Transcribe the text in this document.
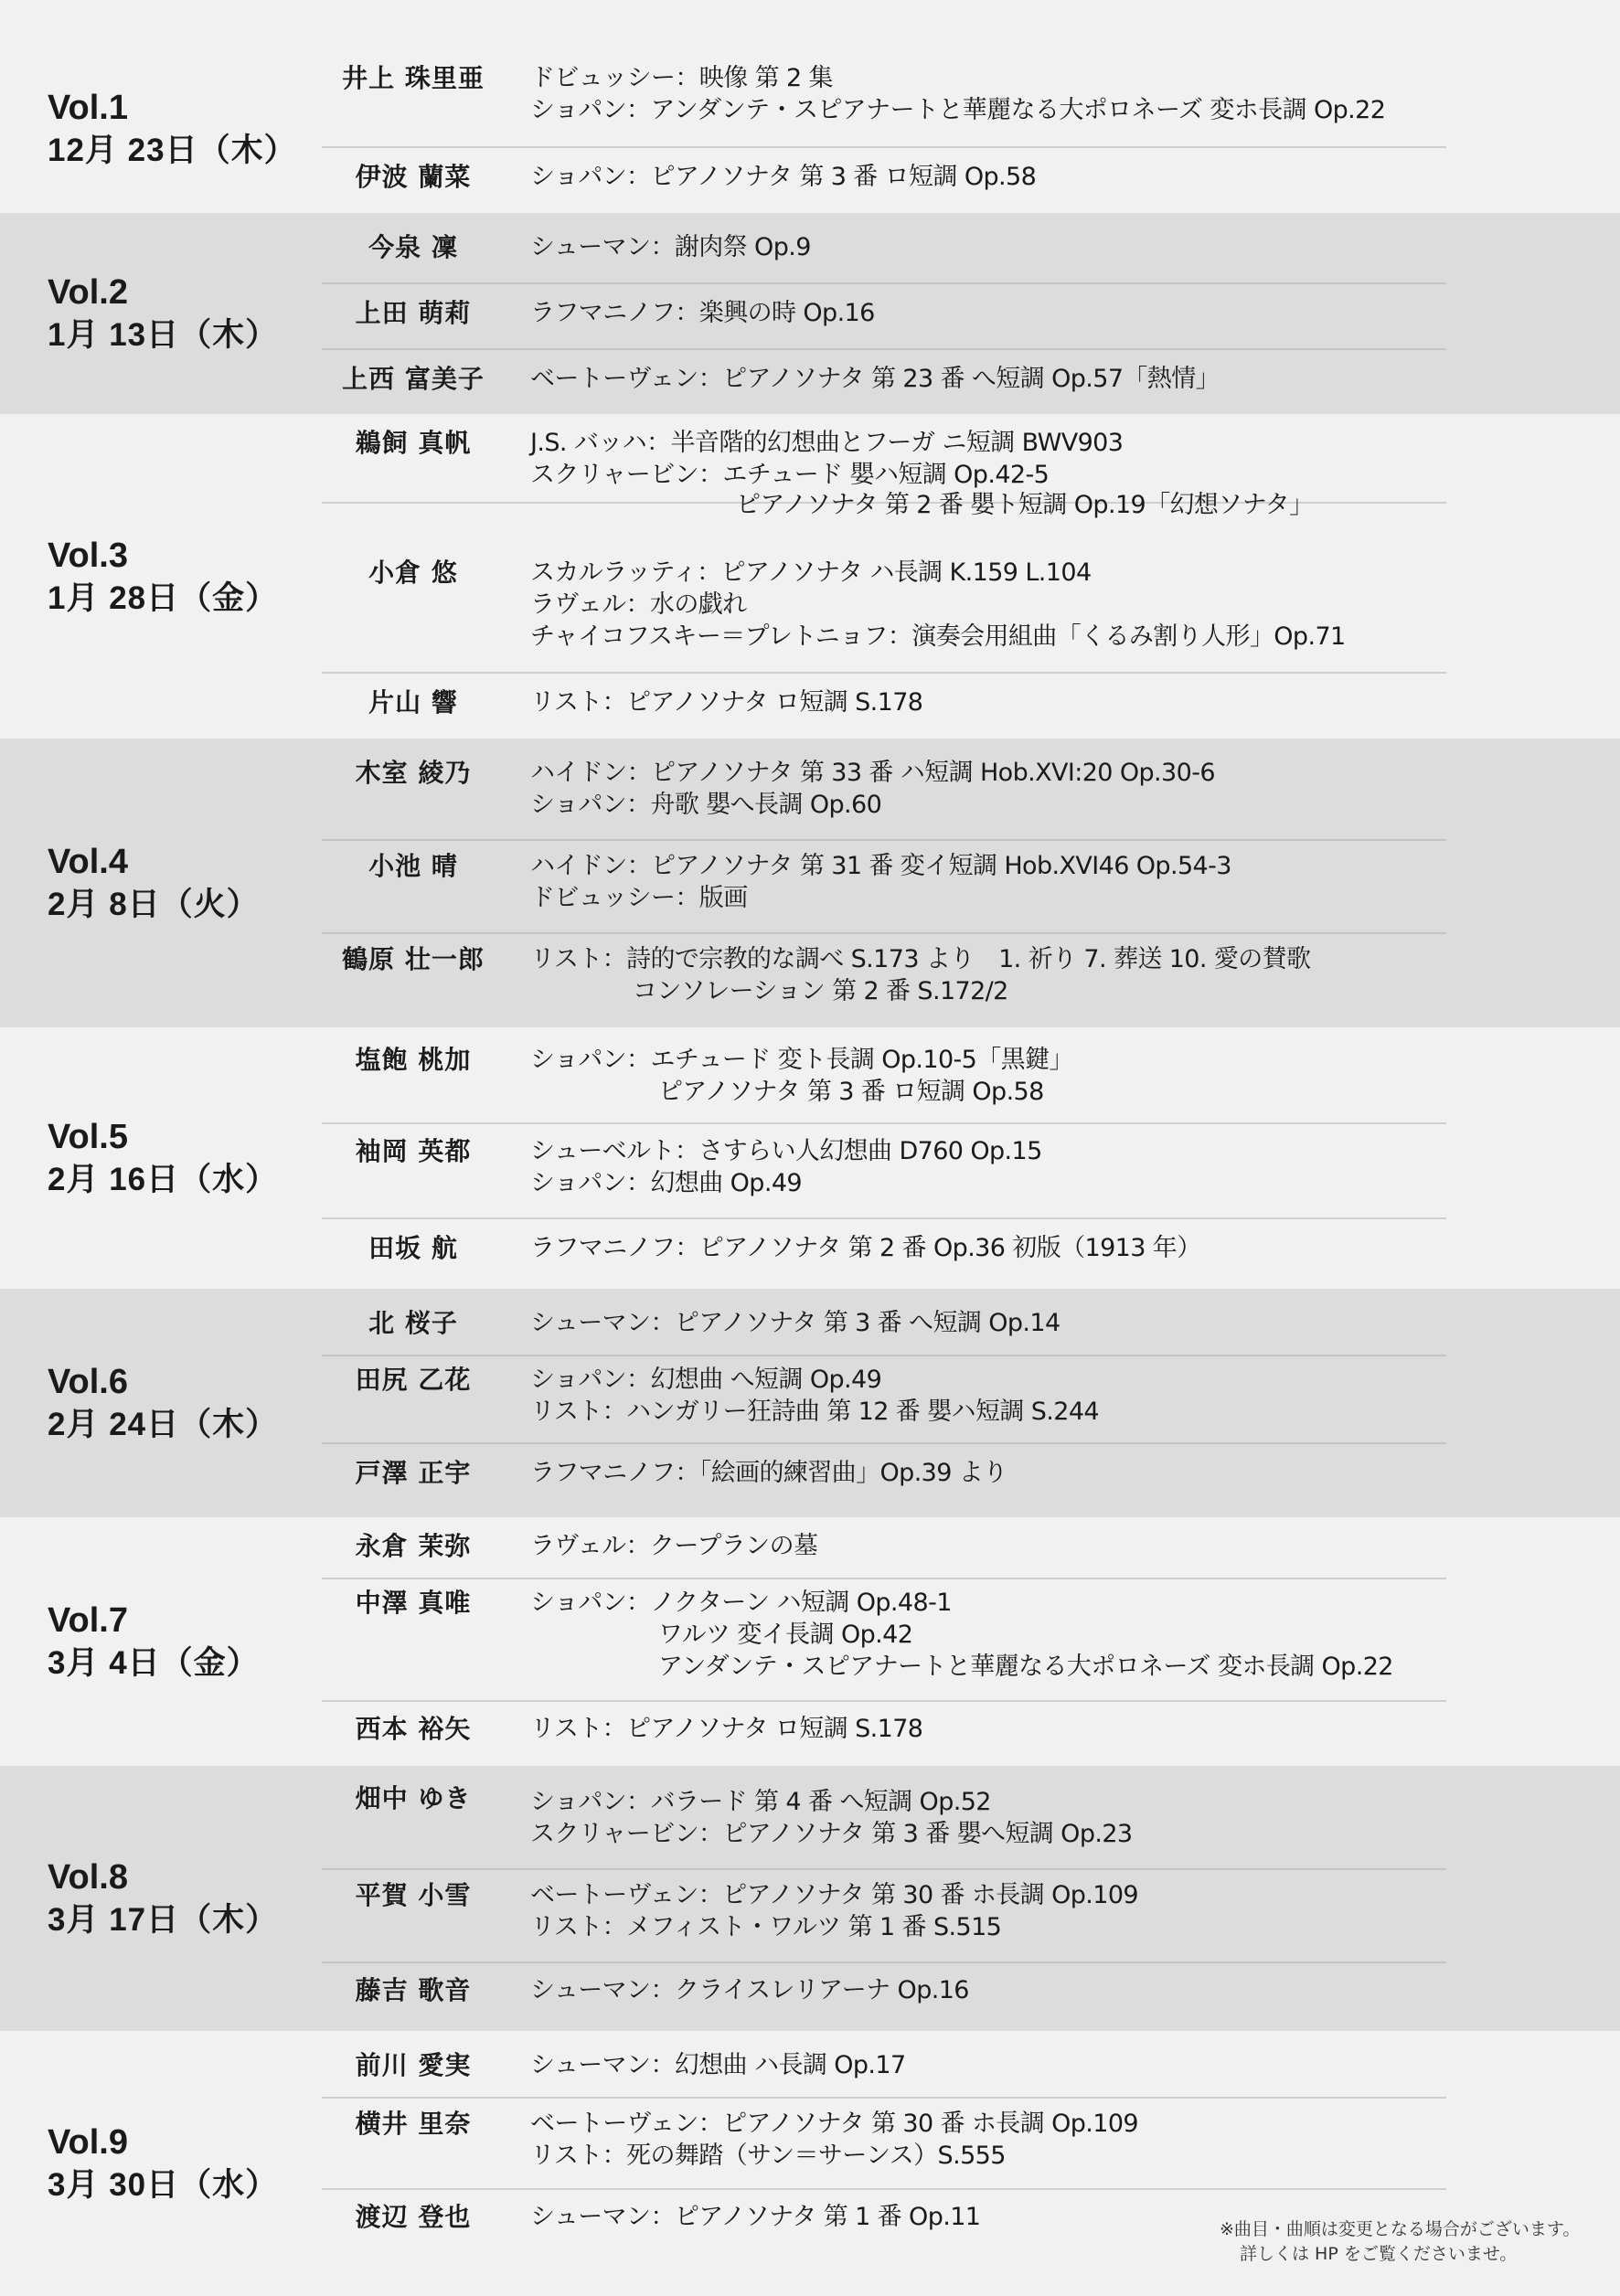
Vol.1
12月 23日（木）
井上 珠里亜	ドビュッシー：映像 第 2 集
ショパン：アンダンテ・スピアナートと華麗なる大ポロネーズ 変ホ長調 Op.22
伊波 蘭菜	ショパン：ピアノソナタ 第 3 番 ロ短調 Op.58
Vol.2
1月 13日（木）
今泉 凜	シューマン：謝肉祭 Op.9
上田 萌莉	ラフマニノフ：楽興の時 Op.16
上西 富美子	ベートーヴェン：ピアノソナタ 第 23 番 へ短調 Op.57「熱情」
Vol.3
1月 28日（金）
鵜飼 真帆	J.S. バッハ：半音階的幻想曲とフーガ ニ短調 BWV903
スクリャービン：エチュード 嬰ハ短調 Op.42-5
ピアノソナタ 第 2 番 嬰ト短調 Op.19「幻想ソナタ」
小倉 悠	スカルラッティ：ピアノソナタ ハ長調 K.159 L.104
ラヴェル：水の戯れ
チャイコフスキー＝プレトニョフ：演奏会用組曲「くるみ割り人形」Op.71
片山 響	リスト：ピアノソナタ ロ短調 S.178
Vol.4
2月 8日（火）
木室 綾乃	ハイドン：ピアノソナタ 第 33 番 ハ短調 Hob.XVI:20 Op.30-6
ショパン：舟歌 嬰へ長調 Op.60
小池 晴	ハイドン：ピアノソナタ 第 31 番 変イ短調 Hob.XVI46 Op.54-3
ドビュッシー：版画
鶴原 壮一郎	リスト：詩的で宗教的な調べ S.173 より　1. 祈り 7. 葬送 10. 愛の賛歌
コンソレーション 第 2 番 S.172/2
Vol.5
2月 16日（水）
塩飽 桃加	ショパン：エチュード 変ト長調 Op.10-5「黒鍵」
ピアノソナタ 第 3 番 ロ短調 Op.58
袖岡 英都	シューベルト：さすらい人幻想曲 D760 Op.15
ショパン：幻想曲 Op.49
田坂 航	ラフマニノフ：ピアノソナタ 第 2 番 Op.36 初版（1913 年）
Vol.6
2月 24日（木）
北 桜子	シューマン：ピアノソナタ 第 3 番 へ短調 Op.14
田尻 乙花	ショパン：幻想曲 へ短調 Op.49
リスト：ハンガリー狂詩曲 第 12 番 嬰ハ短調 S.244
戸澤 正宇	ラフマニノフ：「絵画的練習曲」Op.39 より
Vol.7
3月 4日（金）
永倉 茉弥	ラヴェル：クープランの墓
中澤 真唯	ショパン：ノクターン ハ短調 Op.48-1
ワルツ 変イ長調 Op.42
アンダンテ・スピアナートと華麗なる大ポロネーズ 変ホ長調 Op.22
西本 裕矢	リスト：ピアノソナタ ロ短調 S.178
Vol.8
3月 17日（木）
畑中 ゆき	ショパン：バラード 第 4 番 へ短調 Op.52
スクリャービン：ピアノソナタ 第 3 番 嬰へ短調 Op.23
平賀 小雪	ベートーヴェン：ピアノソナタ 第 30 番 ホ長調 Op.109
リスト：メフィスト・ワルツ 第 1 番 S.515
藤吉 歌音	シューマン：クライスレリアーナ Op.16
Vol.9
3月 30日（水）
前川 愛実	シューマン：幻想曲 ハ長調 Op.17
横井 里奈	ベートーヴェン：ピアノソナタ 第 30 番 ホ長調 Op.109
リスト：死の舞踏（サン＝サーンス）S.555
渡辺 登也	シューマン：ピアノソナタ 第 1 番 Op.11	※曲目・曲順は変更となる場合がございます。
詳しくは HP をご覧くださいませ。
